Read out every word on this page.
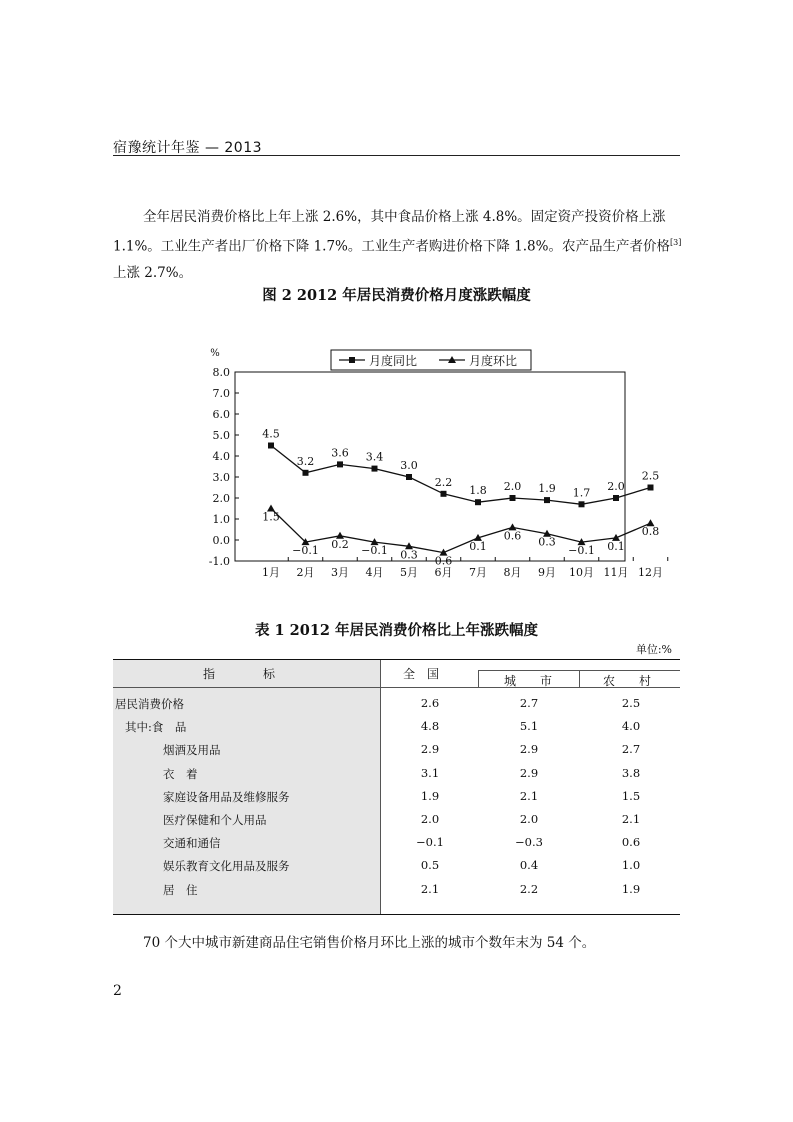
宿豫统计年鉴 — 2013
全年居民消费价格比上年上涨 2.6%，其中食品价格上涨 4.8%。固定资产投资价格上涨 1.1%。工业生产者出厂价格下降 1.7%。工业生产者购进价格下降 1.8%。农产品生产者价格[3]上涨 2.7%。
图 2 2012 年居民消费价格月度涨跌幅度
-1.0
0.0
1.0
2.0
3.0
4.0
5.0
6.0
7.0
8.0
%
1月 2月 3月 4月 5月 6月 7月 8月 9月 10月 11月 12月
4.5
3.2
3.6 3.4
3.0
2.2
1.8 2.0 1.9 1.7 2.0
2.5
1.5
−0.1 0.2 −0.1 0.3 0.6
0.1
0.6 0.3
−0.1 0.1
0.8
月度同比	月度环比
表 1 2012 年居民消费价格比上年涨跌幅度
单位:%
指　　　　标	全　国	城　　市	农　　村
居民消费价格	2.6	2.7	2.5
其中:食　品	4.8	5.1	4.0
烟酒及用品	2.9	2.9	2.7
衣　着	3.1	2.9	3.8
家庭设备用品及维修服务	1.9	2.1	1.5
医疗保健和个人用品	2.0	2.0	2.1
交通和通信	−0.1	−0.3	0.6
娱乐教育文化用品及服务	0.5	0.4	1.0
居　住	2.1	2.2	1.9
70 个大中城市新建商品住宅销售价格月环比上涨的城市个数年末为 54 个。
2
